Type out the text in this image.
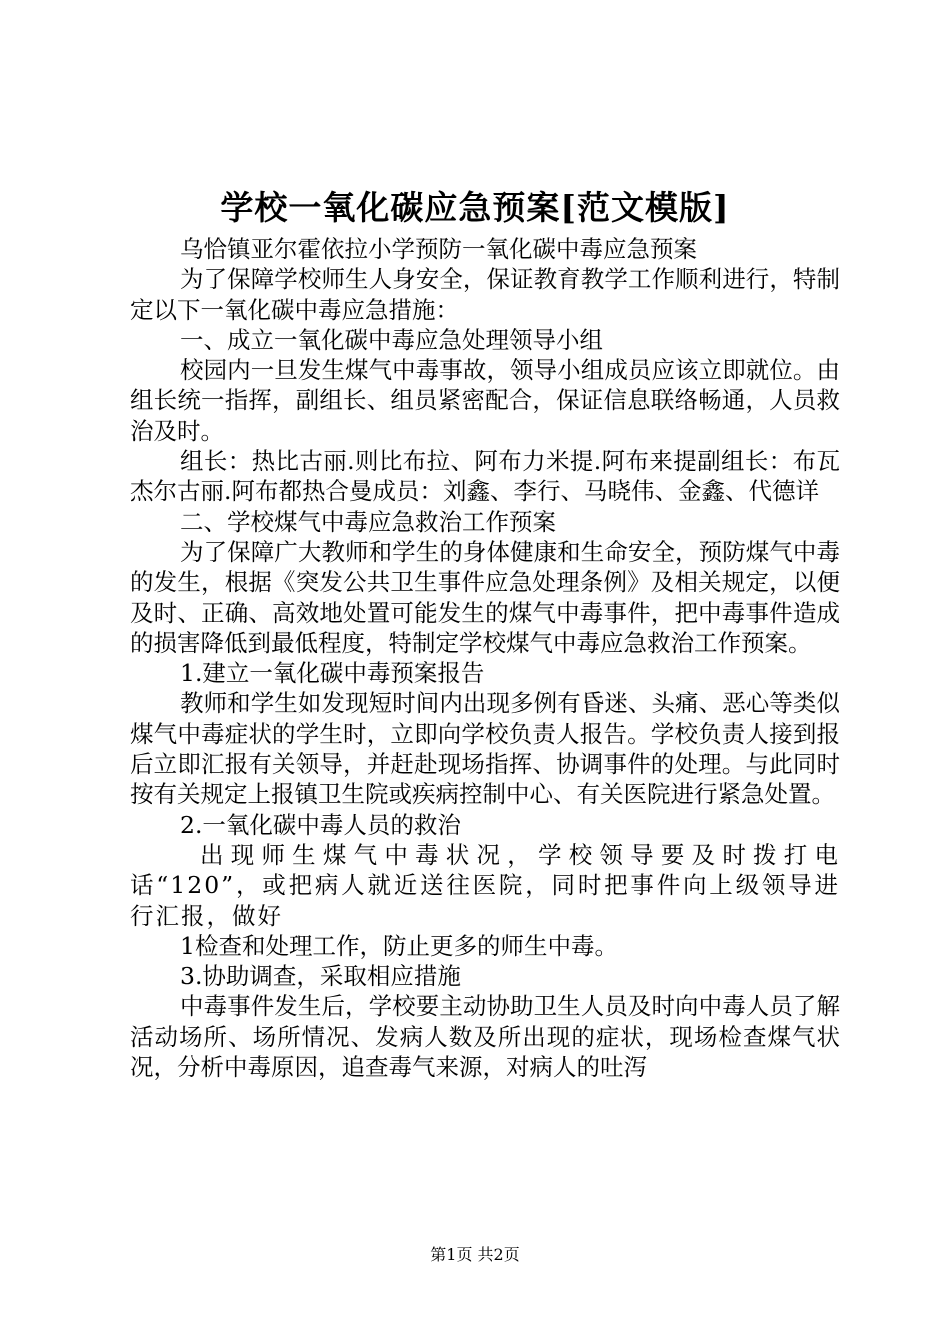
学校一氧化碳应急预案[范文模版]

乌恰镇亚尔霍依拉小学预防一氧化碳中毒应急预案

为了保障学校师生人身安全，保证教育教学工作顺利进行，特制定以下一氧化碳中毒应急措施：

一、成立一氧化碳中毒应急处理领导小组

校园内一旦发生煤气中毒事故，领导小组成员应该立即就位。由组长统一指挥，副组长、组员紧密配合，保证信息联络畅通，人员救治及时。

组长：热比古丽.则比布拉、阿布力米提.阿布来提副组长：布瓦杰尔古丽.阿布都热合曼成员：刘鑫、李行、马晓伟、金鑫、代德详

二、学校煤气中毒应急救治工作预案

为了保障广大教师和学生的身体健康和生命安全，预防煤气中毒的发生，根据《突发公共卫生事件应急处理条例》及相关规定，以便及时、正确、高效地处置可能发生的煤气中毒事件，把中毒事件造成的损害降低到最低程度，特制定学校煤气中毒应急救治工作预案。

1.建立一氧化碳中毒预案报告

教师和学生如发现短时间内出现多例有昏迷、头痛、恶心等类似煤气中毒症状的学生时，立即向学校负责人报告。学校负责人接到报后立即汇报有关领导，并赶赴现场指挥、协调事件的处理。与此同时按有关规定上报镇卫生院或疾病控制中心、有关医院进行紧急处置。

2.一氧化碳中毒人员的救治

出现师生煤气中毒状况，学校领导要及时拨打电话“120”，或把病人就近送往医院，同时把事件向上级领导进行汇报，做好

1检查和处理工作，防止更多的师生中毒。

3.协助调查，采取相应措施

中毒事件发生后，学校要主动协助卫生人员及时向中毒人员了解活动场所、场所情况、发病人数及所出现的症状，现场检查煤气状况，分析中毒原因，追查毒气来源，对病人的吐泻

第1页 共2页
